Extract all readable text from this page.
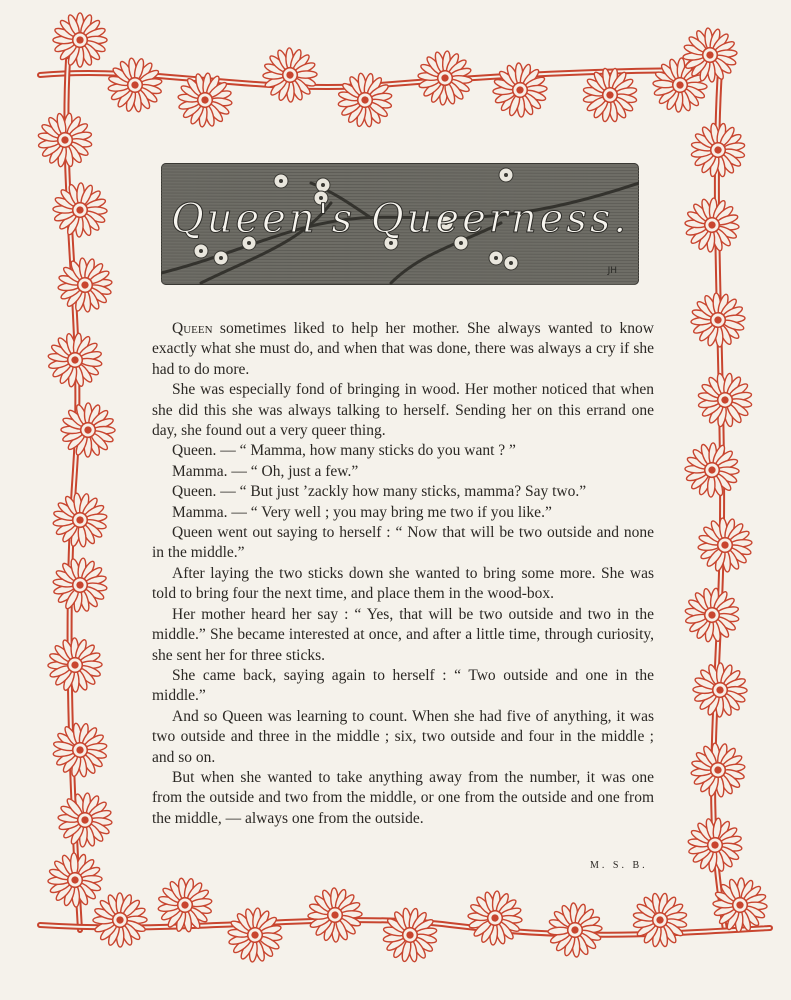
Queen's Queerness.
JH

Queen sometimes liked to help her mother. She always wanted to know exactly what she must do, and when that was done, there was always a cry if she had to do more.

She was especially fond of bringing in wood. Her mother noticed that when she did this she was always talking to herself. Sending her on this errand one day, she found out a very queer thing.

Queen. — “ Mamma, how many sticks do you want ? ”

Mamma. — “ Oh, just a few.”

Queen. — “ But just ’zackly how many sticks, mamma? Say two.”

Mamma. — “ Very well ; you may bring me two if you like.”

Queen went out saying to herself : “ Now that will be two outside and none in the middle.”

After laying the two sticks down she wanted to bring some more. She was told to bring four the next time, and place them in the wood-box.

Her mother heard her say : “ Yes, that will be two outside and two in the middle.” She became interested at once, and after a little time, through curiosity, she sent her for three sticks.

She came back, saying again to herself : “ Two outside and one in the middle.”

And so Queen was learning to count. When she had five of anything, it was two outside and three in the middle ; six, two outside and four in the middle ; and so on.

But when she wanted to take anything away from the number, it was one from the outside and two from the middle, or one from the outside and one from the middle, — always one from the outside.

M. S. B.
